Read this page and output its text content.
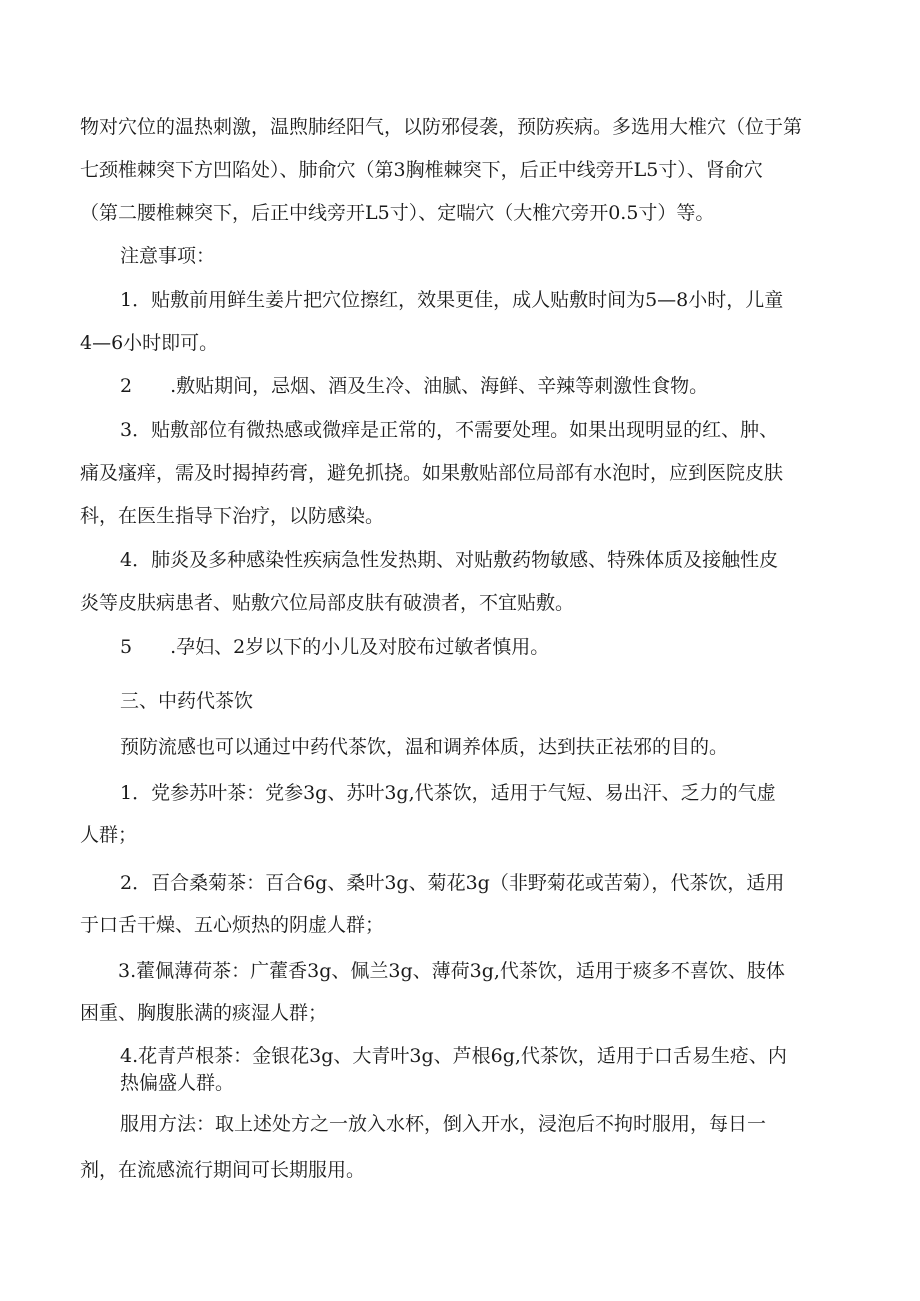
物对穴位的温热刺激，温煦肺经阳气，以防邪侵袭，预防疾病。多选用大椎穴（位于第
七颈椎棘突下方凹陷处）、肺俞穴（第3胸椎棘突下，后正中线旁开L5寸）、肾俞穴
（第二腰椎棘突下，后正中线旁开L5寸）、定喘穴（大椎穴旁开0.5寸）等。
注意事项：
1．贴敷前用鲜生姜片把穴位擦红，效果更佳，成人贴敷时间为5—8小时，儿童
4—6小时即可。
2　　.敷贴期间，忌烟、酒及生冷、油腻、海鲜、辛辣等刺激性食物。
3．贴敷部位有微热感或微痒是正常的，不需要处理。如果出现明显的红、肿、
痛及瘙痒，需及时揭掉药膏，避免抓挠。如果敷贴部位局部有水泡时，应到医院皮肤
科，在医生指导下治疗，以防感染。
4．肺炎及多种感染性疾病急性发热期、对贴敷药物敏感、特殊体质及接触性皮
炎等皮肤病患者、贴敷穴位局部皮肤有破溃者，不宜贴敷。
5　　.孕妇、2岁以下的小儿及对胶布过敏者慎用。
三、中药代茶饮
预防流感也可以通过中药代茶饮，温和调养体质，达到扶正祛邪的目的。
1．党参苏叶茶：党参3g、苏叶3g,代茶饮，适用于气短、易出汗、乏力的气虚
人群；
2．百合桑菊茶：百合6g、桑叶3g、菊花3g（非野菊花或苦菊），代茶饮，适用
于口舌干燥、五心烦热的阴虚人群；
3.藿佩薄荷茶：广藿香3g、佩兰3g、薄荷3g,代茶饮，适用于痰多不喜饮、肢体
困重、胸腹胀满的痰湿人群；
4.花青芦根茶：金银花3g、大青叶3g、芦根6g,代茶饮，适用于口舌易生疮、内
热偏盛人群。
服用方法：取上述处方之一放入水杯，倒入开水，浸泡后不拘时服用，每日一
剂，在流感流行期间可长期服用。
